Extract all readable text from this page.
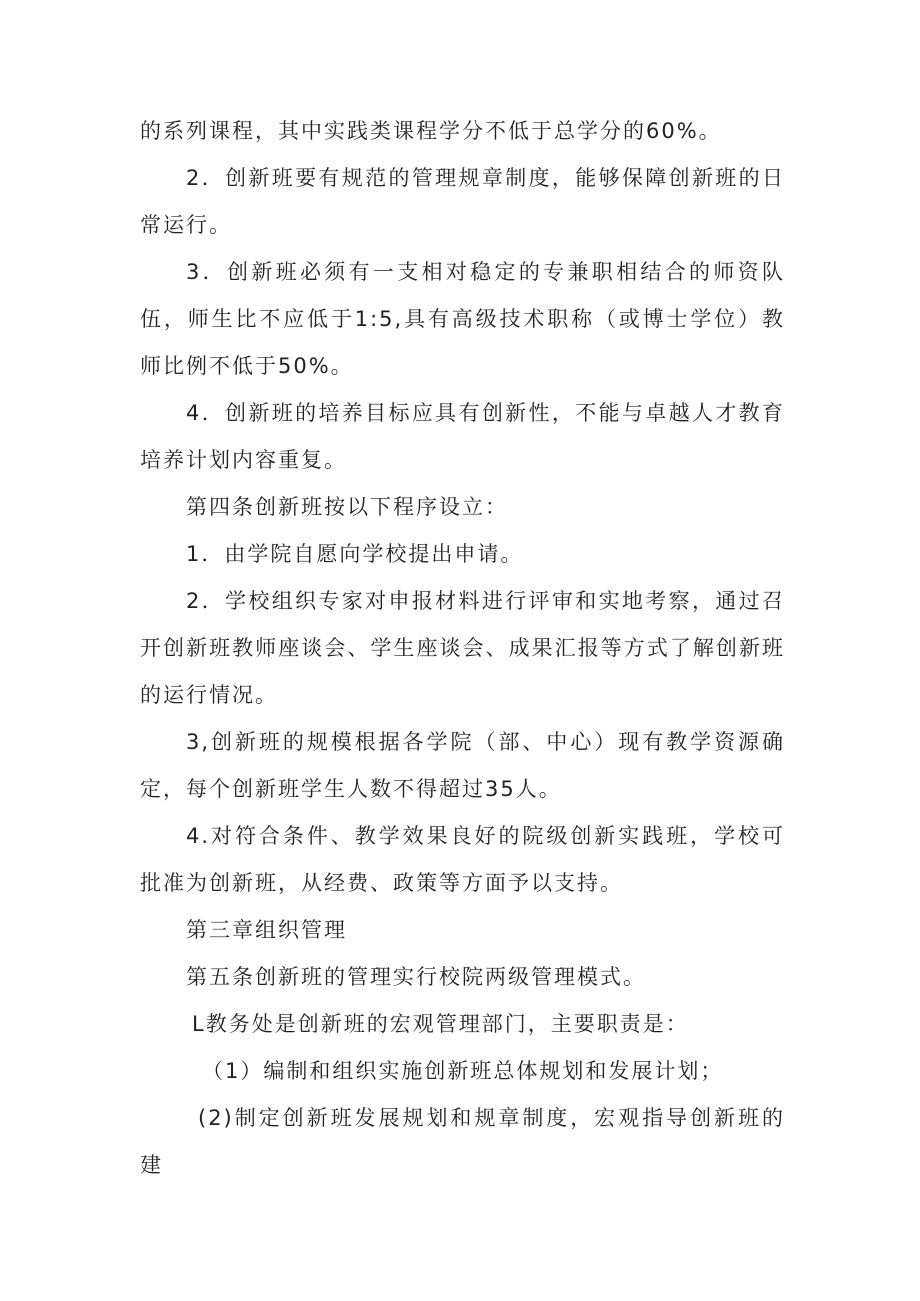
的系列课程，其中实践类课程学分不低于总学分的60%。

2．创新班要有规范的管理规章制度，能够保障创新班的日常运行。

3．创新班必须有一支相对稳定的专兼职相结合的师资队伍，师生比不应低于1:5,具有高级技术职称（或博士学位）教师比例不低于50%。

4．创新班的培养目标应具有创新性，不能与卓越人才教育培养计划内容重复。

第四条创新班按以下程序设立：

1．由学院自愿向学校提出申请。

2．学校组织专家对申报材料进行评审和实地考察，通过召开创新班教师座谈会、学生座谈会、成果汇报等方式了解创新班的运行情况。

3,创新班的规模根据各学院（部、中心）现有教学资源确定，每个创新班学生人数不得超过35人。

4.对符合条件、教学效果良好的院级创新实践班，学校可批准为创新班，从经费、政策等方面予以支持。

第三章组织管理

第五条创新班的管理实行校院两级管理模式。

L教务处是创新班的宏观管理部门，主要职责是：

（1）编制和组织实施创新班总体规划和发展计划；

(2)制定创新班发展规划和规章制度，宏观指导创新班的建
